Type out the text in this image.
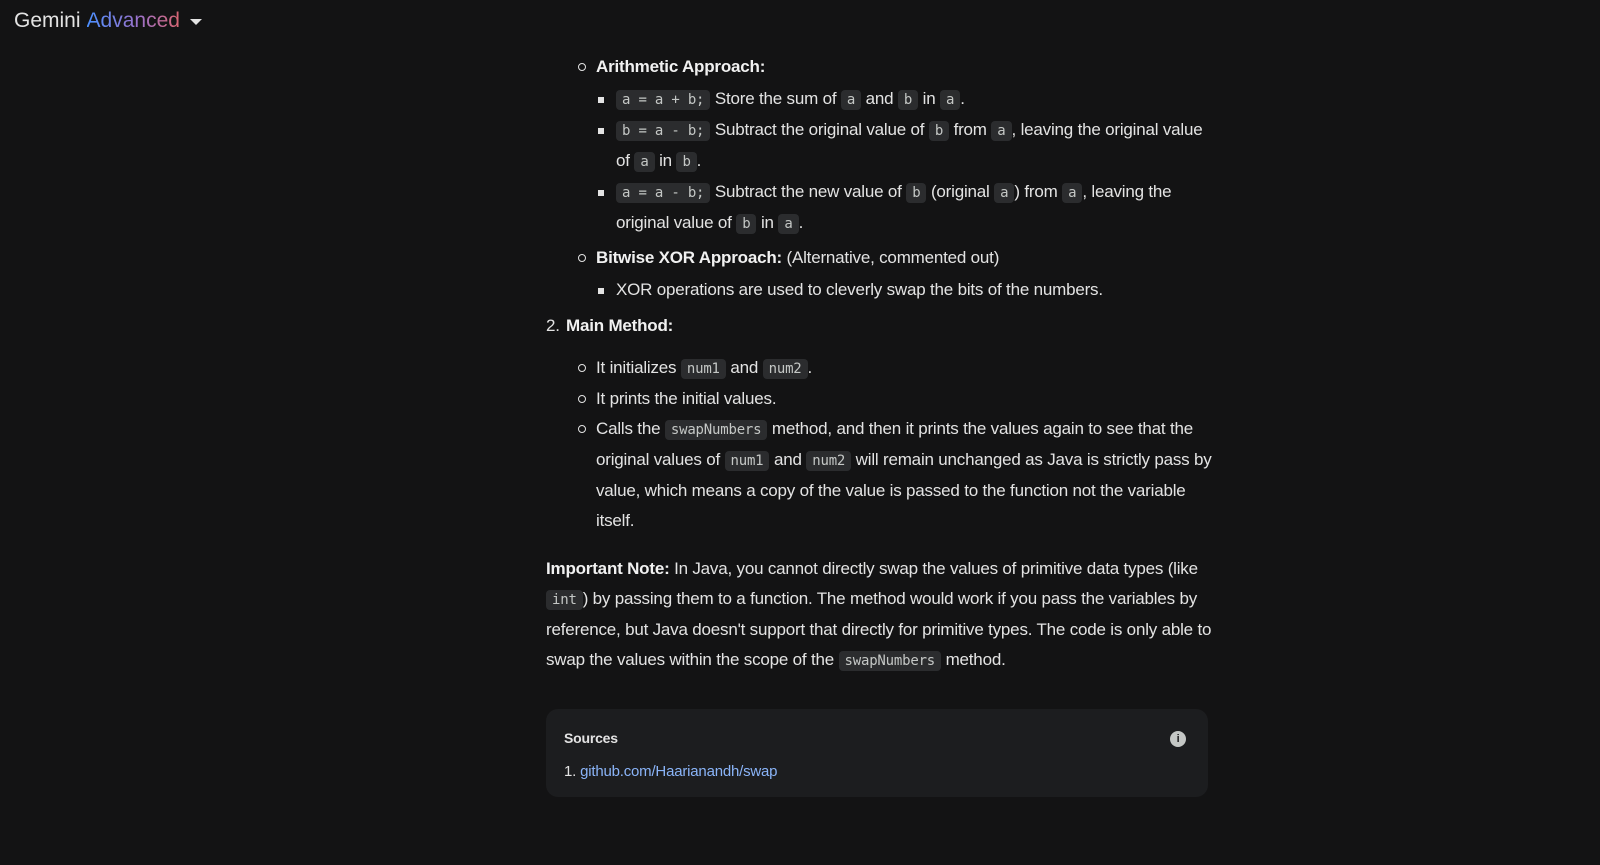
Gemini Advanced
Arithmetic Approach:
a = a + b; Store the sum of a and b in a .
b = a - b; Subtract the original value of b from a , leaving the original value of a in b .
a = a - b; Subtract the new value of b (original a ) from a , leaving the original value of b in a .
Bitwise XOR Approach: (Alternative, commented out)
XOR operations are used to cleverly swap the bits of the numbers.
2. Main Method:
It initializes num1 and num2 .
It prints the initial values.
Calls the swapNumbers method, and then it prints the values again to see that the original values of num1 and num2 will remain unchanged as Java is strictly pass by value, which means a copy of the value is passed to the function not the variable itself.

Important Note: In Java, you cannot directly swap the values of primitive data types (like int ) by passing them to a function. The method would work if you pass the variables by reference, but Java doesn't support that directly for primitive types. The code is only able to swap the values within the scope of the swapNumbers method.

Sources	i
1. github.com/Haarianandh/swap
